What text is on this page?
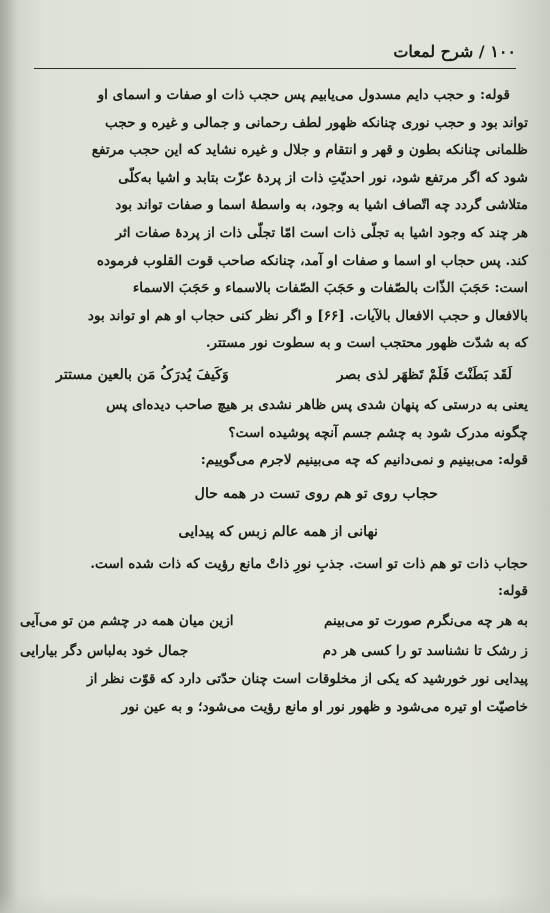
۱۰۰ / شرح لمعات

قوله: و حجب دایم مسدول می‌یابیم پس حجب ذات او صفات و اسمای او

تواند بود و حجب نوری چنانکه ظهور لطف رحمانی و جمالی و غیره و حجب

ظلمانی چنانکه بطون و قهر و انتقام و جلال و غیره نشاید که این حجب مرتفع

شود که اگر مرتفع شود، نور احدیّتِ ذات از پردهٔ عزّت بتابد و اشیا به‌کلّی

متلاشی گردد چه اتّصاف اشیا به وجود، به واسطهٔ اسما و صفات تواند بود

هر چند که وجود اشیا به تجلّی ذات است امّا تجلّی ذات از پردهٔ صفات اثر

کند. پس حجاب او اسما و صفات او آمد، چنانکه صاحب قوت القلوب فرموده

است: حَجَبَ الذّات بالصّفات و حَجَبَ الصّفات بالاسماء و حَجَبَ الاسماء

بالافعال و حجب الافعال بالآیات. [۶۶] و اگر نظر کنی حجاب او هم او تواند بود

که به شدّت ظهور محتجب است و به سطوت نور مستتر.

لَقَد بَطَنْتَ فَلَمْ تَظهَر لذی بصر
وَکَیفَ یُدرَکُ مَن بالعین مستتر

یعنی به درستی که پنهان شدی پس ظاهر نشدی بر هیچ صاحب دیده‌ای پس

چگونه مدرک شود به چشم جسم آنچه پوشیده است؟

قوله: می‌بینیم و نمی‌دانیم که چه می‌بینیم لاجرم می‌گوییم:

حجاب روی تو هم روی تست در همه حال

نهانی از همه عالم زبس که پیدایی

حجاب ذات تو هم ذات تو است. جذبِ نورِ ذاتْ مانع رؤیت که ذات شده است.

قوله:

به هر چه می‌نگرم صورت تو می‌بینم
ازین میان همه در چشم من تو می‌آیی
ز رشک تا نشناسد تو را کسی هر دم
جمال خود به‌لباس دگر بیارایی

پیدایی نور خورشید که یکی از مخلوقات است چنان حدّتی دارد که قوّت نظر از

خاصیّت او تیره می‌شود و ظهور نور او مانع رؤیت می‌شود؛ و به عین نور
